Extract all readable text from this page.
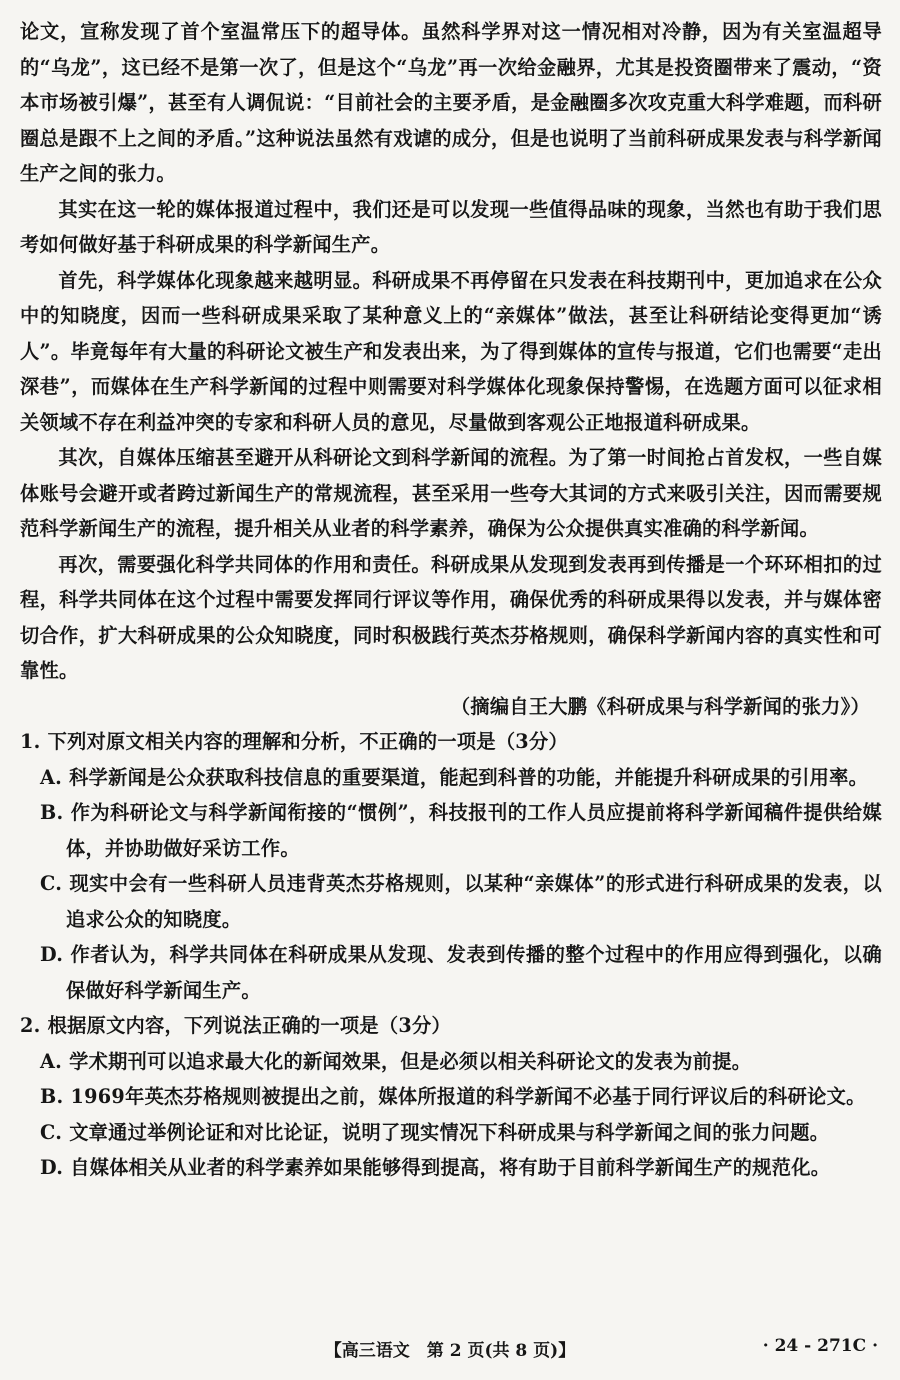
论文，宣称发现了首个室温常压下的超导体。虽然科学界对这一情况相对冷静，因为有关室温超导的“乌龙”，这已经不是第一次了，但是这个“乌龙”再一次给金融界，尤其是投资圈带来了震动，“资本市场被引爆”，甚至有人调侃说：“目前社会的主要矛盾，是金融圈多次攻克重大科学难题，而科研圈总是跟不上之间的矛盾。”这种说法虽然有戏谑的成分，但是也说明了当前科研成果发表与科学新闻生产之间的张力。

其实在这一轮的媒体报道过程中，我们还是可以发现一些值得品味的现象，当然也有助于我们思考如何做好基于科研成果的科学新闻生产。

首先，科学媒体化现象越来越明显。科研成果不再停留在只发表在科技期刊中，更加追求在公众中的知晓度，因而一些科研成果采取了某种意义上的“亲媒体”做法，甚至让科研结论变得更加“诱人”。毕竟每年有大量的科研论文被生产和发表出来，为了得到媒体的宣传与报道，它们也需要“走出深巷”，而媒体在生产科学新闻的过程中则需要对科学媒体化现象保持警惕，在选题方面可以征求相关领域不存在利益冲突的专家和科研人员的意见，尽量做到客观公正地报道科研成果。

其次，自媒体压缩甚至避开从科研论文到科学新闻的流程。为了第一时间抢占首发权，一些自媒体账号会避开或者跨过新闻生产的常规流程，甚至采用一些夸大其词的方式来吸引关注，因而需要规范科学新闻生产的流程，提升相关从业者的科学素养，确保为公众提供真实准确的科学新闻。

再次，需要强化科学共同体的作用和责任。科研成果从发现到发表再到传播是一个环环相扣的过程，科学共同体在这个过程中需要发挥同行评议等作用，确保优秀的科研成果得以发表，并与媒体密切合作，扩大科研成果的公众知晓度，同时积极践行英杰芬格规则，确保科学新闻内容的真实性和可靠性。

（摘编自王大鹏《科研成果与科学新闻的张力》）

1. 下列对原文相关内容的理解和分析，不正确的一项是（3分）

A. 科学新闻是公众获取科技信息的重要渠道，能起到科普的功能，并能提升科研成果的引用率。

B. 作为科研论文与科学新闻衔接的“惯例”，科技报刊的工作人员应提前将科学新闻稿件提供给媒体，并协助做好采访工作。

C. 现实中会有一些科研人员违背英杰芬格规则，以某种“亲媒体”的形式进行科研成果的发表，以追求公众的知晓度。

D. 作者认为，科学共同体在科研成果从发现、发表到传播的整个过程中的作用应得到强化，以确保做好科学新闻生产。

2. 根据原文内容，下列说法正确的一项是（3分）

A. 学术期刊可以追求最大化的新闻效果，但是必须以相关科研论文的发表为前提。

B. 1969年英杰芬格规则被提出之前，媒体所报道的科学新闻不必基于同行评议后的科研论文。

C. 文章通过举例论证和对比论证，说明了现实情况下科研成果与科学新闻之间的张力问题。

D. 自媒体相关从业者的科学素养如果能够得到提高，将有助于目前科学新闻生产的规范化。

【高三语文　第 2 页(共 8 页)】	· 24 - 271C ·
